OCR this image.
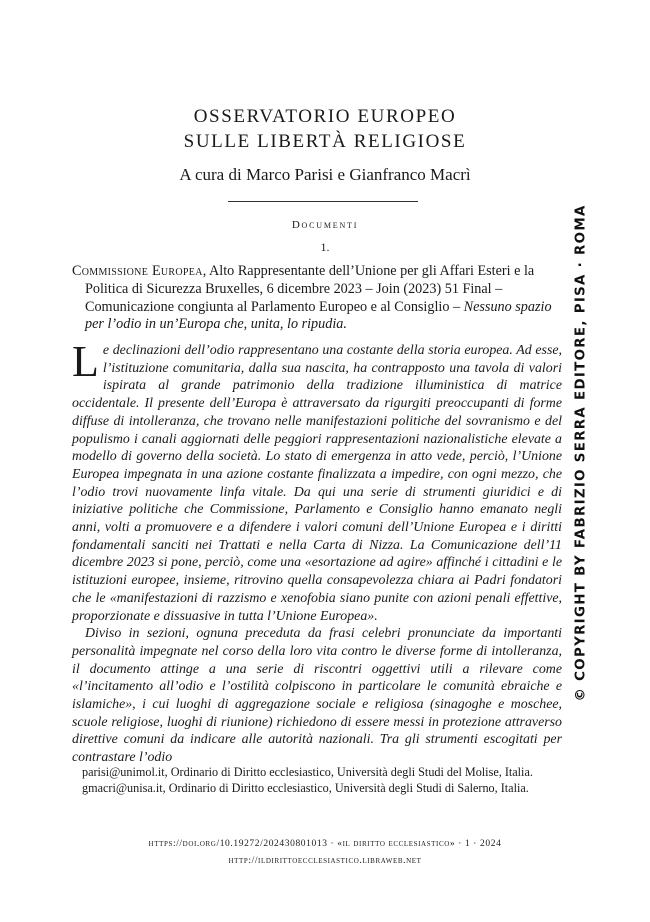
OSSERVATORIO EUROPEO
SULLE LIBERTÀ RELIGIOSE
A cura di Marco Parisi e Gianfranco Macrì
Documenti
1.
Commissione Europea, Alto Rappresentante dell’Unione per gli Affari Esteri e la Politica di Sicurezza Bruxelles, 6 dicembre 2023 – Join (2023) 51 Final – Comunicazione congiunta al Parlamento Europeo e al Consiglio – Nessuno spazio per l’odio in un’Europa che, unita, lo ripudia.

Le declinazioni dell’odio rappresentano una costante della storia europea. Ad esse, l’istituzione comunitaria, dalla sua nascita, ha contrapposto una tavola di valori ispirata al grande patrimonio della tradizione illuministica di matrice occidentale. Il presente dell’Europa è attraversato da rigurgiti preoccupanti di forme diffuse di intolleranza, che trovano nelle manifestazioni politiche del sovranismo e del populismo i canali aggiornati delle peggiori rappresentazioni nazionalistiche elevate a modello di governo della società. Lo stato di emergenza in atto vede, perciò, l’Unione Europea impegnata in una azione costante finalizzata a impedire, con ogni mezzo, che l’odio trovi nuovamente linfa vitale. Da qui una serie di strumenti giuridici e di iniziative politiche che Commissione, Parlamento e Consiglio hanno emanato negli anni, volti a promuovere e a difendere i valori comuni dell’Unione Europea e i diritti fondamentali sanciti nei Trattati e nella Carta di Nizza. La Comunicazione dell’11 dicembre 2023 si pone, perciò, come una «esortazione ad agire» affinché i cittadini e le istituzioni europee, insieme, ritrovino quella consapevolezza chiara ai Padri fondatori che le «manifestazioni di razzismo e xenofobia siano punite con azioni penali effettive, proporzionate e dissuasive in tutta l’Unione Europea».

Diviso in sezioni, ognuna preceduta da frasi celebri pronunciate da importanti personalità impegnate nel corso della loro vita contro le diverse forme di intolleranza, il documento attinge a una serie di riscontri oggettivi utili a rilevare come «l’incitamento all’odio e l’ostilità colpiscono in particolare le comunità ebraiche e islamiche», i cui luoghi di aggregazione sociale e religiosa (sinagoghe e moschee, scuole religiose, luoghi di riunione) richiedono di essere messi in protezione attraverso direttive comuni da indicare alle autorità nazionali. Tra gli strumenti escogitati per contrastare l’odio

parisi@unimol.it, Ordinario di Diritto ecclesiastico, Università degli Studi del Molise, Italia.
gmacri@unisa.it, Ordinario di Diritto ecclesiastico, Università degli Studi di Salerno, Italia.
https://doi.org/10.19272/202430801013 · «il diritto ecclesiastico» · 1 · 2024
http://ildirittoecclesiastico.libraweb.net
© COPYRIGHT BY FABRIZIO SERRA EDITORE, PISA · ROMA
